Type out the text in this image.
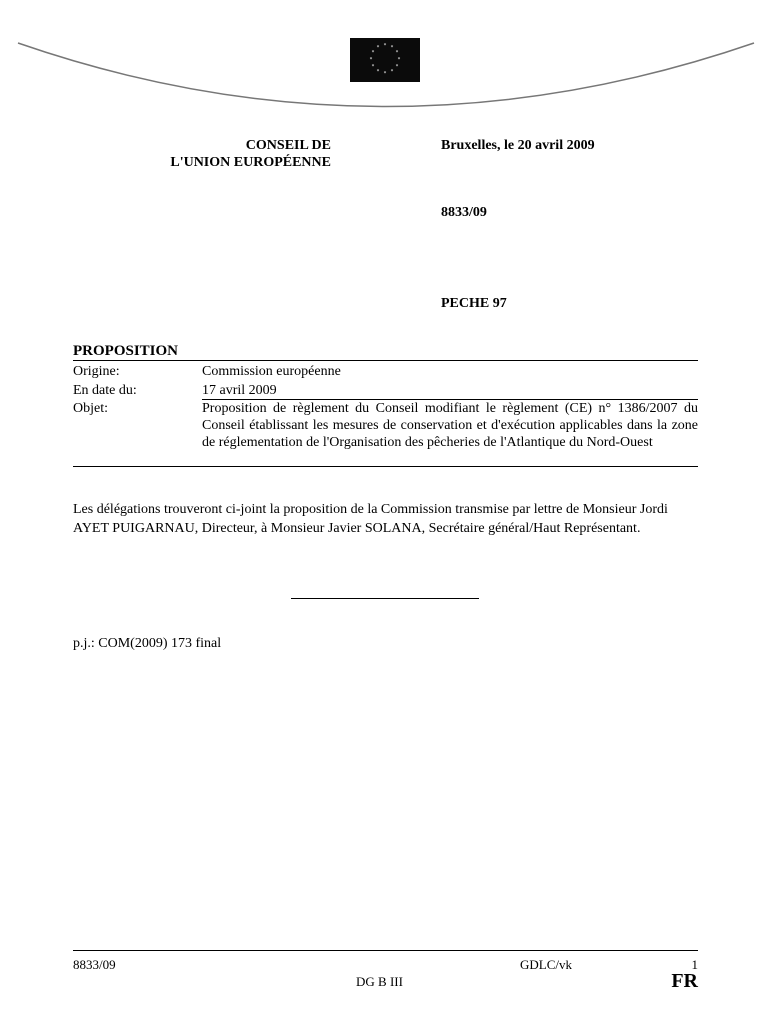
* *
*
*
*
*
*
*
*
*
*
*
CONSEIL DE
L'UNION EUROPÉENNE
Bruxelles, le 20 avril 2009
8833/09
PECHE 97
PROPOSITION
Origine:	Commission européenne
En date du:	17 avril 2009
Objet:	Proposition de règlement du Conseil modifiant le règlement (CE) n° 1386/2007 du Conseil établissant les mesures de conservation et d'exécution applicables dans la zone de réglementation de l'Organisation des pêcheries de l'Atlantique du Nord-Ouest
Les délégations trouveront ci-joint la proposition de la Commission transmise par lettre de Monsieur Jordi AYET PUIGARNAU, Directeur, à Monsieur Javier SOLANA, Secrétaire général/Haut Représentant.
p.j.: COM(2009) 173 final
8833/09	GDLC/vk	1
DG B III	FR
